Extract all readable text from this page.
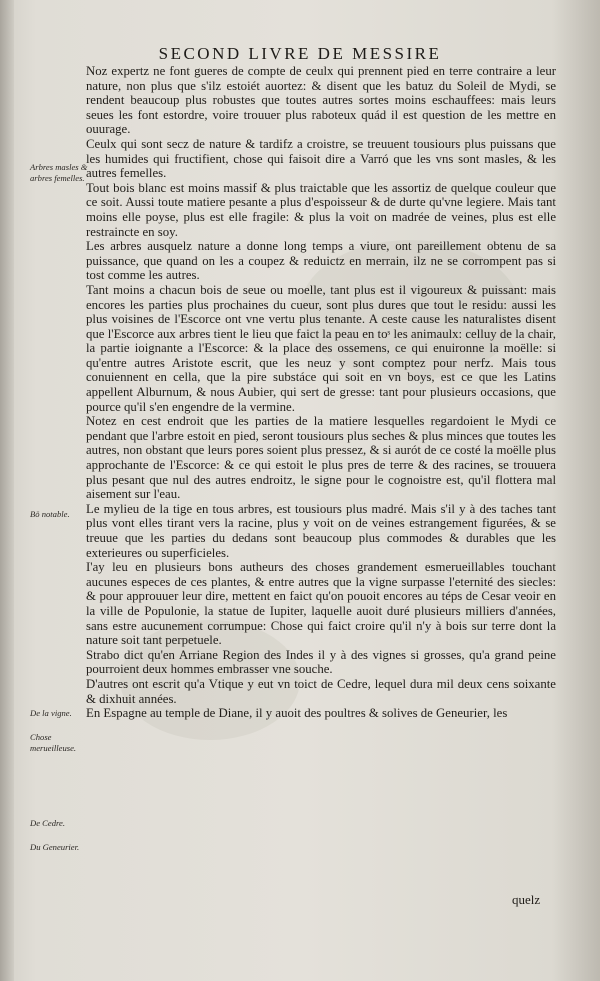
SECOND LIVRE DE MESSIRE

Noz expertz ne font gueres de compte de ceulx qui prennent pied en terre contraire a leur nature, non plus que s'ilz estoiét auortez: & disent que les batuz du Soleil de Mydi, se rendent beaucoup plus robustes que toutes autres sortes moins eschauffees: mais leurs seues les font estordre, voire trouuer plus raboteux quád il est question de les mettre en ouurage.

Ceulx qui sont secz de nature & tardifz a croistre, se treuuent tousiours plus puissans que les humides qui fructifient, chose qui faisoit dire a Varró que les vns sont masles, & les autres femelles.

Tout bois blanc est moins massif & plus traictable que les assortiz de quelque couleur que ce soit. Aussi toute matiere pesante a plus d'espoisseur & de durte qu'vne legiere. Mais tant moins elle poyse, plus est elle fragile: & plus la voit on madrée de veines, plus est elle restraincte en soy.

Les arbres ausquelz nature a donne long temps a viure, ont pareillement obtenu de sa puissance, que quand on les a coupez & reduictz en merrain, ilz ne se corrompent pas si tost comme les autres.

Tant moins a chacun bois de seue ou moelle, tant plus est il vigoureux & puissant: mais encores les parties plus prochaines du cueur, sont plus dures que tout le residu: aussi les plus voisines de l'Escorce ont vne vertu plus tenante. A ceste cause les naturalistes disent que l'Escorce aux arbres tient le lieu que faict la peau en toˢ les animaulx: celluy de la chair, la partie ioignante a l'Escorce: & la place des ossemens, ce qui enuironne la moëlle: si qu'entre autres Aristote escrit, que les neuz y sont comptez pour nerfz. Mais tous conuiennent en cella, que la pire substáce qui soit en vn boys, est ce que les Latins appellent Alburnum, & nous Aubier, qui sert de gresse: tant pour plusieurs occasions, que pource qu'il s'en engendre de la vermine.

Notez en cest endroit que les parties de la matiere lesquelles regardoient le Mydi ce pendant que l'arbre estoit en pied, seront tousiours plus seches & plus minces que toutes les autres, non obstant que leurs pores soient plus pressez, & si aurót de ce costé la moëlle plus approchante de l'Escorce: & ce qui estoit le plus pres de terre & des racines, se trouuera plus pesant que nul des autres endroitz, le signe pour le cognoistre est, qu'il flottera mal aisement sur l'eau.

Le mylieu de la tige en tous arbres, est tousiours plus madré. Mais s'il y à des taches tant plus vont elles tirant vers la racine, plus y voit on de veines estrangement figurées, & se treuue que les parties du dedans sont beaucoup plus commodes & durables que les exterieures ou superficieles.

I'ay leu en plusieurs bons autheurs des choses grandement esmerueillables touchant aucunes especes de ces plantes, & entre autres que la vigne surpasse l'eternité des siecles: & pour approuuer leur dire, mettent en faict qu'on pouoit encores au téps de Cesar veoir en la ville de Populonie, la statue de Iupiter, laquelle auoit duré plusieurs milliers d'années, sans estre aucunement corrumpue: Chose qui faict croire qu'il n'y à bois sur terre dont la nature soit tant perpetuele.

Strabo dict qu'en Arriane Region des Indes il y à des vignes si grosses, qu'a grand peine pourroient deux hommes embrasser vne souche.

D'autres ont escrit qu'a Vtique y eut vn toict de Cedre, lequel dura mil deux cens soixante & dixhuit années.

En Espagne au temple de Diane, il y auoit des poultres & solives de Geneurier, les

Arbres masles & arbres femelles.
Bö notable.
De la vigne.
Chose merueilleuse.
De Cedre.
Du Geneurier.
quelz
